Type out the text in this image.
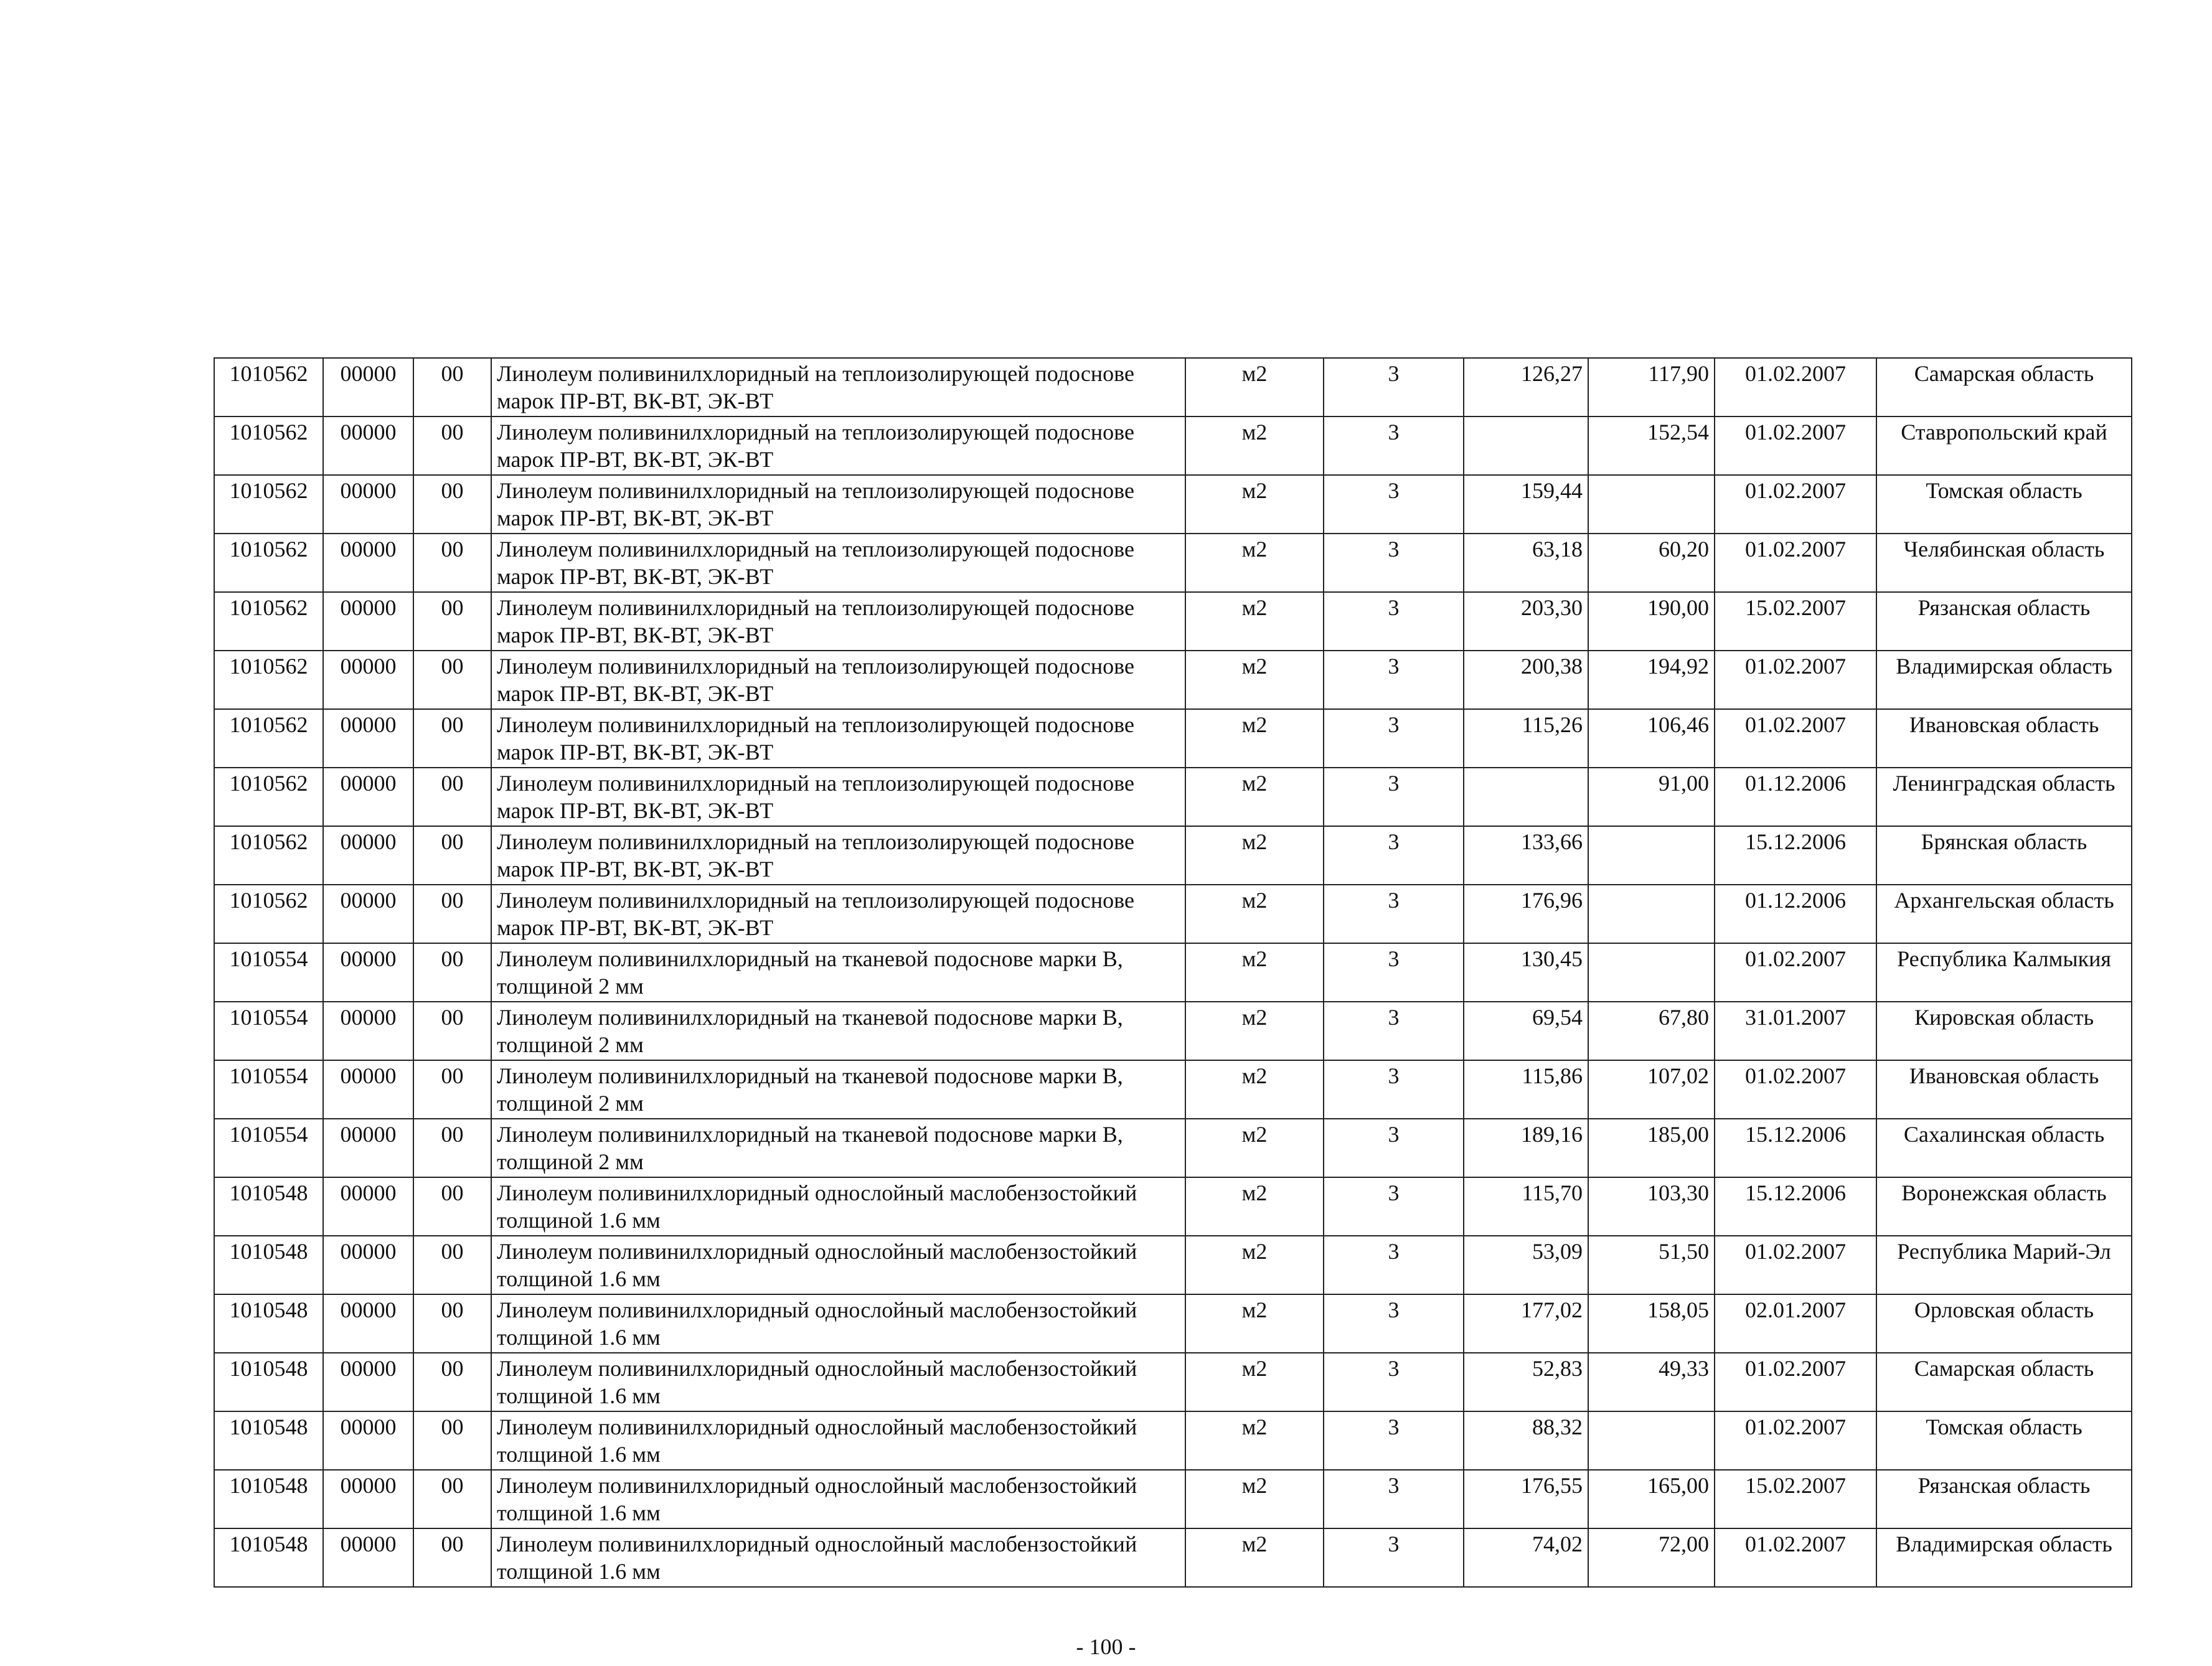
1010562	00000	00	Линолеум поливинилхлоридный на теплоизолирующей подоснове марок ПР-ВТ, ВК-ВТ, ЭК-ВТ	м2	3	126,27	117,90	01.02.2007	Самарская область
1010562	00000	00	Линолеум поливинилхлоридный на теплоизолирующей подоснове марок ПР-ВТ, ВК-ВТ, ЭК-ВТ	м2	3		152,54	01.02.2007	Ставропольский край
1010562	00000	00	Линолеум поливинилхлоридный на теплоизолирующей подоснове марок ПР-ВТ, ВК-ВТ, ЭК-ВТ	м2	3	159,44		01.02.2007	Томская область
1010562	00000	00	Линолеум поливинилхлоридный на теплоизолирующей подоснове марок ПР-ВТ, ВК-ВТ, ЭК-ВТ	м2	3	63,18	60,20	01.02.2007	Челябинская область
1010562	00000	00	Линолеум поливинилхлоридный на теплоизолирующей подоснове марок ПР-ВТ, ВК-ВТ, ЭК-ВТ	м2	3	203,30	190,00	15.02.2007	Рязанская область
1010562	00000	00	Линолеум поливинилхлоридный на теплоизолирующей подоснове марок ПР-ВТ, ВК-ВТ, ЭК-ВТ	м2	3	200,38	194,92	01.02.2007	Владимирская область
1010562	00000	00	Линолеум поливинилхлоридный на теплоизолирующей подоснове марок ПР-ВТ, ВК-ВТ, ЭК-ВТ	м2	3	115,26	106,46	01.02.2007	Ивановская область
1010562	00000	00	Линолеум поливинилхлоридный на теплоизолирующей подоснове марок ПР-ВТ, ВК-ВТ, ЭК-ВТ	м2	3		91,00	01.12.2006	Ленинградская область
1010562	00000	00	Линолеум поливинилхлоридный на теплоизолирующей подоснове марок ПР-ВТ, ВК-ВТ, ЭК-ВТ	м2	3	133,66		15.12.2006	Брянская область
1010562	00000	00	Линолеум поливинилхлоридный на теплоизолирующей подоснове марок ПР-ВТ, ВК-ВТ, ЭК-ВТ	м2	3	176,96		01.12.2006	Архангельская область
1010554	00000	00	Линолеум поливинилхлоридный на тканевой подоснове марки В, толщиной 2 мм	м2	3	130,45		01.02.2007	Республика Калмыкия
1010554	00000	00	Линолеум поливинилхлоридный на тканевой подоснове марки В, толщиной 2 мм	м2	3	69,54	67,80	31.01.2007	Кировская область
1010554	00000	00	Линолеум поливинилхлоридный на тканевой подоснове марки В, толщиной 2 мм	м2	3	115,86	107,02	01.02.2007	Ивановская область
1010554	00000	00	Линолеум поливинилхлоридный на тканевой подоснове марки В, толщиной 2 мм	м2	3	189,16	185,00	15.12.2006	Сахалинская область
1010548	00000	00	Линолеум поливинилхлоридный однослойный маслобензостойкий толщиной 1.6 мм	м2	3	115,70	103,30	15.12.2006	Воронежская область
1010548	00000	00	Линолеум поливинилхлоридный однослойный маслобензостойкий толщиной 1.6 мм	м2	3	53,09	51,50	01.02.2007	Республика Марий-Эл
1010548	00000	00	Линолеум поливинилхлоридный однослойный маслобензостойкий толщиной 1.6 мм	м2	3	177,02	158,05	02.01.2007	Орловская область
1010548	00000	00	Линолеум поливинилхлоридный однослойный маслобензостойкий толщиной 1.6 мм	м2	3	52,83	49,33	01.02.2007	Самарская область
1010548	00000	00	Линолеум поливинилхлоридный однослойный маслобензостойкий толщиной 1.6 мм	м2	3	88,32		01.02.2007	Томская область
1010548	00000	00	Линолеум поливинилхлоридный однослойный маслобензостойкий толщиной 1.6 мм	м2	3	176,55	165,00	15.02.2007	Рязанская область
1010548	00000	00	Линолеум поливинилхлоридный однослойный маслобензостойкий толщиной 1.6 мм	м2	3	74,02	72,00	01.02.2007	Владимирская область
- 100 -
